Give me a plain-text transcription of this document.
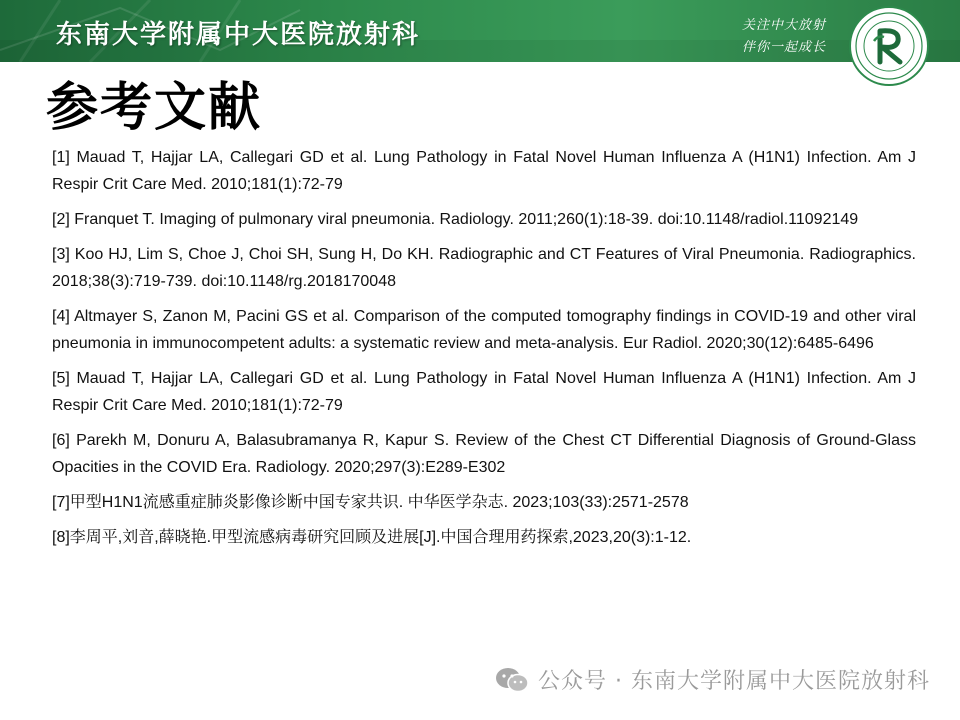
东南大学附属中大医院放射科	关注中大放射
伴你一起成长
参考文献

[1] Mauad T, Hajjar LA, Callegari GD et al. Lung Pathology in Fatal Novel Human Influenza A (H1N1) Infection. Am J Respir Crit Care Med. 2010;181(1):72-79

[2] Franquet T. Imaging of pulmonary viral pneumonia. Radiology. 2011;260(1):18-39. doi:10.1148/radiol.11092149

[3] Koo HJ, Lim S, Choe J, Choi SH, Sung H, Do KH. Radiographic and CT Features of Viral Pneumonia. Radiographics. 2018;38(3):719-739. doi:10.1148/rg.2018170048

[4] Altmayer S, Zanon M, Pacini GS et al. Comparison of the computed tomography findings in COVID-19 and other viral pneumonia in immunocompetent adults: a systematic review and meta-analysis. Eur Radiol. 2020;30(12):6485-6496

[5] Mauad T, Hajjar LA, Callegari GD et al. Lung Pathology in Fatal Novel Human Influenza A (H1N1) Infection. Am J Respir Crit Care Med. 2010;181(1):72-79

[6] Parekh M, Donuru A, Balasubramanya R, Kapur S. Review of the Chest CT Differential Diagnosis of Ground-Glass Opacities in the COVID Era. Radiology. 2020;297(3):E289-E302

[7]甲型H1N1流感重症肺炎影像诊断中国专家共识. 中华医学杂志. 2023;103(33):2571-2578

[8]李周平,刘音,薛晓艳.甲型流感病毒研究回顾及进展[J].中国合理用药探索,2023,20(3):1-12.

公众号 · 东南大学附属中大医院放射科
